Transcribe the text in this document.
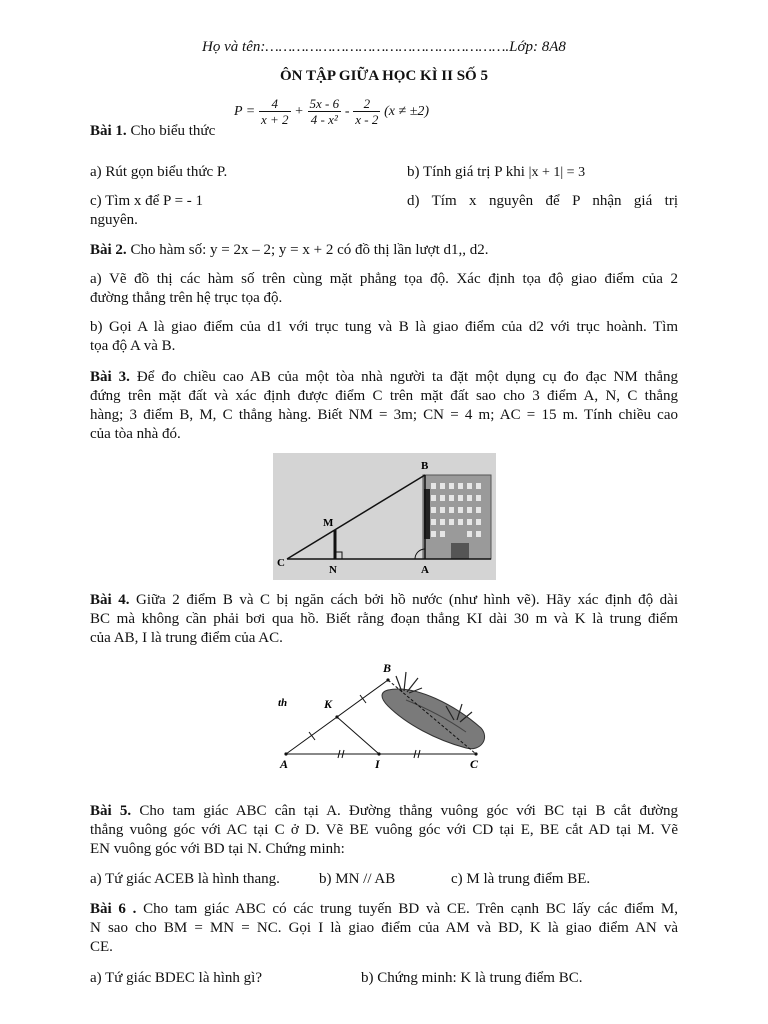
Họ và tên:……………………………………………….Lớp: 8A8
ÔN TẬP GIỮA HỌC KÌ II SỐ 5
Bài 1. Cho biểu thức
$P = \frac{4}{x + 2} + \frac{5x - 6}{\text{4 - x²}} - \frac{2}{x - 2} (x \ne \pm 2)$
a) Rút gọn biểu thức P.	b) Tính giá trị P khi |x + 1| = 3
c) Tìm x để P = - 1	d) Tím x nguyên để P nhận giá trị
nguyên.
Bài 2. Cho hàm số: y = 2x – 2; y = x + 2 có đồ thị lần lượt d1,, d2.
a) Vẽ đồ thị các hàm số trên cùng mặt phẳng tọa độ. Xác định tọa độ giao điểm của 2
đường thẳng trên hệ trục tọa độ.
b) Gọi A là giao điểm của d1 với trục tung và B là giao điểm của d2 với trục hoành. Tìm
tọa độ A và B.
Bài 3. Để đo chiều cao AB của một tòa nhà người ta đặt một dụng cụ đo đạc NM thẳng
đứng trên mặt đất và xác định được điểm C trên mặt đất sao cho 3 điểm A, N, C thẳng
hàng; 3 điểm B, M, C thẳng hàng. Biết NM = 3m; CN = 4 m; AC = 15 m. Tính chiều cao
của tòa nhà đó.
B
M
C
N	A
Bài 4. Giữa 2 điểm B và C bị ngăn cách bởi hồ nước (như hình vẽ). Hãy xác định độ dài
BC mà không cần phải bơi qua hồ. Biết rằng đoạn thẳng KI dài 30 m và K là trung điểm
của AB, I là trung điểm của AC.
B
K
A	I	C
th
Bài 5. Cho tam giác ABC cân tại A. Đường thẳng vuông góc với BC tại B cắt đường
thẳng vuông góc với AC tại C ở D. Vẽ BE vuông góc với CD tại E, BE cắt AD tại M. Vẽ
EN vuông góc với BD tại N. Chứng minh:
a) Tứ giác ACEB là hình thang.	b) MN // AB	c) M là trung điểm BE.
Bài 6 . Cho tam giác ABC có các trung tuyến BD và CE. Trên cạnh BC lấy các điểm M,
N sao cho BM = MN = NC. Gọi I là giao điểm của AM và BD, K là giao điểm AN và
CE.
a) Tứ giác BDEC là hình gì?	b) Chứng minh: K là trung điểm BC.
